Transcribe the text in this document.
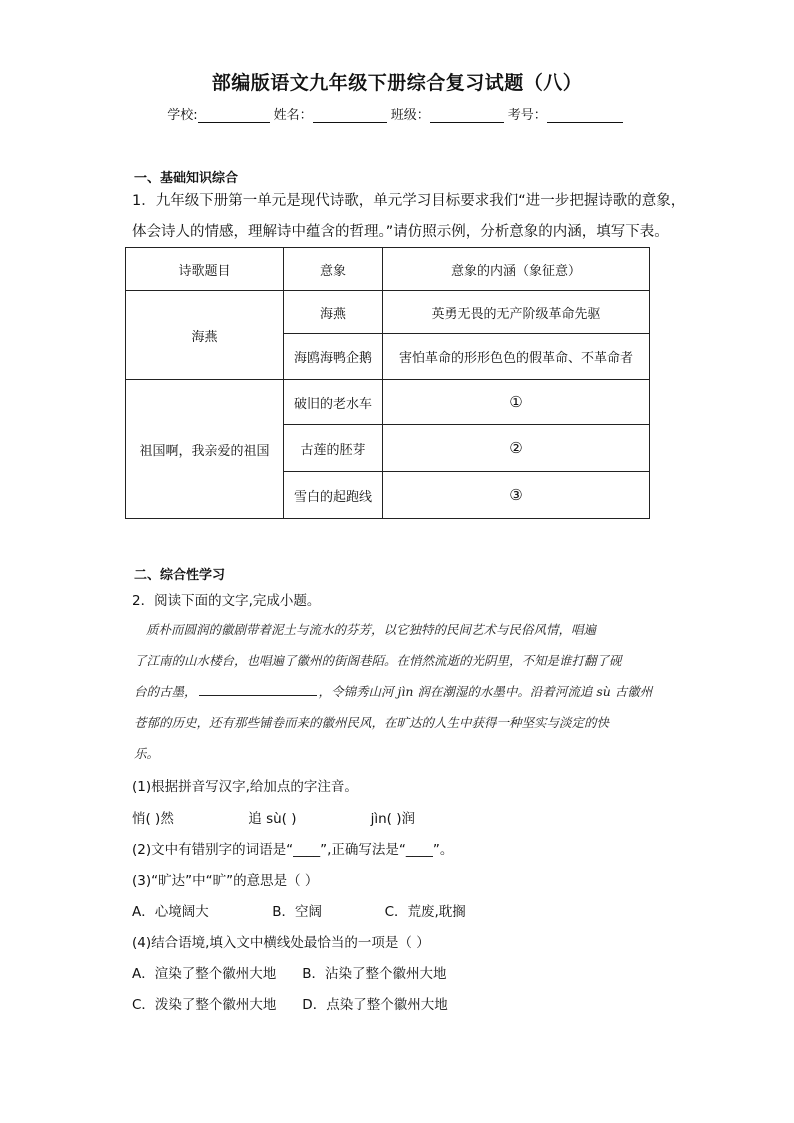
部编版语文九年级下册综合复习试题（八）
学校:	姓名：	班级：	考号：
一、基础知识综合
1．九年级下册第一单元是现代诗歌，单元学习目标要求我们“进一步把握诗歌的意象，
体会诗人的情感，理解诗中蕴含的哲理。”请仿照示例，分析意象的内涵，填写下表。
诗歌题目	意象	意象的内涵（象征意）
海燕	海燕	英勇无畏的无产阶级革命先驱
	海鸥海鸭企鹅	害怕革命的形形色色的假革命、不革命者
祖国啊，我亲爱的祖国	破旧的老水车	①
	古莲的胚芽	②
	雪白的起跑线	③
二、综合性学习
2．阅读下面的文字,完成小题。
质朴而圆润的徽剧带着泥土与流水的芬芳，以它独特的民间艺术与民俗风情，唱遍
了江南的山水楼台，也唱遍了徽州的街阁巷陌。在悄然流逝的光阴里，不知是谁打翻了砚
台的古墨，	，令锦秀山河 jìn 润在潮湿的水墨中。沿着河流追 sù 古徽州
苍郁的历史，还有那些铺卷而来的徽州民风，在旷达的人生中获得一种坚实与淡定的快
乐。
(1)根据拼音写汉字,给加点的字注音。
悄( )然	追 sù( )	jìn( )润
(2)文中有错别字的词语是“____”,正确写法是“____”。
(3)“旷达”中“旷”的意思是（ ）
A．心境阔大	B．空阔	C．荒废,耽搁
(4)结合语境,填入文中横线处最恰当的一项是（ ）
A．渲染了整个徽州大地 B．沾染了整个徽州大地
C．泼染了整个徽州大地 D．点染了整个徽州大地
